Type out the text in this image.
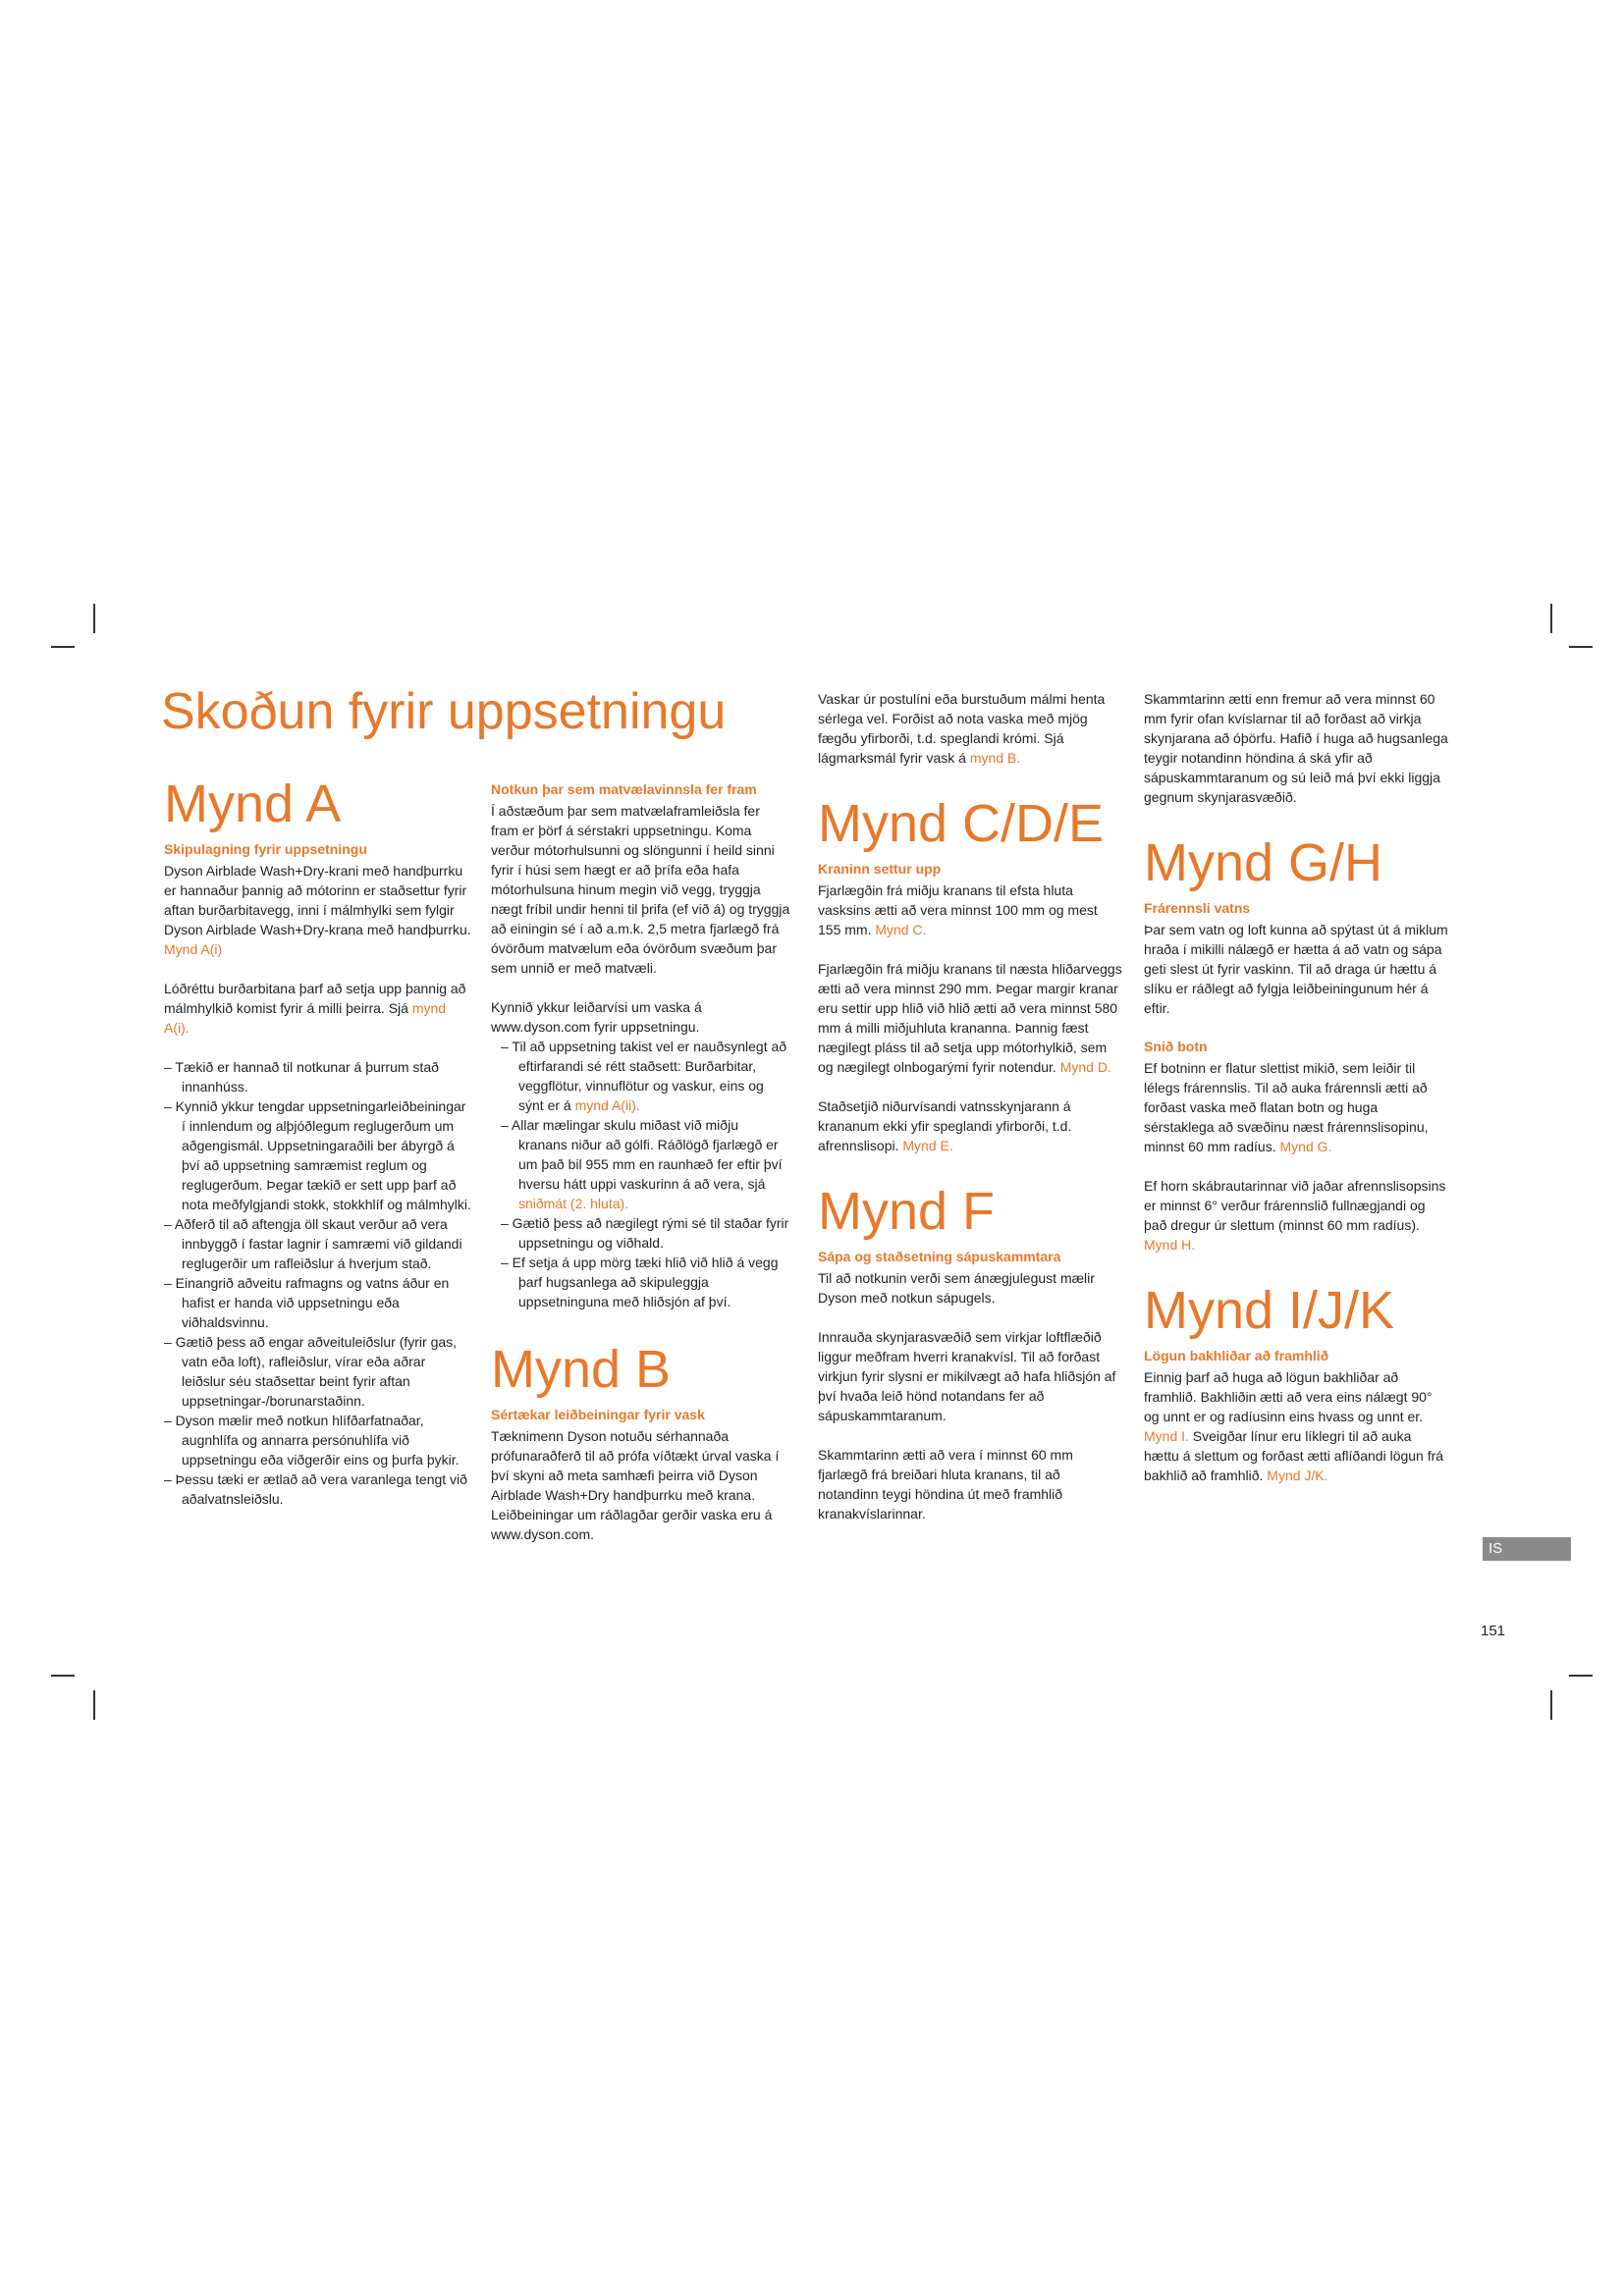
Skoðun fyrir uppsetningu
Mynd A
Skipulagning fyrir uppsetningu

Dyson Airblade Wash+Dry-krani með handþurrku er hannaður þannig að mótorinn er staðsettur fyrir aftan burðarbitavegg, inni í málmhylki sem fylgir Dyson Airblade Wash+Dry-krana með handþurrku. Mynd A(i)

Lóðréttu burðarbitana þarf að setja upp þannig að málmhylkið komist fyrir á milli þeirra. Sjá mynd A(i).

– Tækið er hannað til notkunar á þurrum stað innanhúss.
– Kynnið ykkur tengdar uppsetningarleiðbeiningar í innlendum og alþjóðlegum reglugerðum um aðgengismál. Uppsetningaraðili ber ábyrgð á því að uppsetning samræmist reglum og reglugerðum. Þegar tækið er sett upp þarf að nota meðfylgjandi stokk, stokkhlíf og málmhylki.
– Aðferð til að aftengja öll skaut verður að vera innbyggð í fastar lagnir í samræmi við gildandi reglugerðir um rafleiðslur á hverjum stað.
– Einangrið aðveitu rafmagns og vatns áður en hafist er handa við uppsetningu eða viðhaldsvinnu.
– Gætið þess að engar aðveituleiðslur (fyrir gas, vatn eða loft), rafleiðslur, vírar eða aðrar leiðslur séu staðsettar beint fyrir aftan uppsetningar-/borunarstaðinn.
– Dyson mælir með notkun hlífðarfatnaðar, augnhlífa og annarra persónuhlífa við uppsetningu eða viðgerðir eins og þurfa þykir.
– Þessu tæki er ætlað að vera varanlega tengt við aðalvatnsleiðslu.
Notkun þar sem matvælavinnsla fer fram

Í aðstæðum þar sem matvælaframleiðsla fer fram er þörf á sérstakri uppsetningu. Koma verður mótorhulsunni og slöngunni í heild sinni fyrir í húsi sem hægt er að þrífa eða hafa mótorhulsuna hinum megin við vegg, tryggja nægt fríbil undir henni til þrifa (ef við á) og tryggja að einingin sé í að a.m.k. 2,5 metra fjarlægð frá óvörðum matvælum eða óvörðum svæðum þar sem unnið er með matvæli.

Kynnið ykkur leiðarvísi um vaska á www.dyson.com fyrir uppsetningu.

– Til að uppsetning takist vel er nauðsynlegt að eftirfarandi sé rétt staðsett: Burðarbitar, veggflötur, vinnuflötur og vaskur, eins og sýnt er á mynd A(ii).
– Allar mælingar skulu miðast við miðju kranans niður að gólfi. Ráðlögð fjarlægð er um það bil 955 mm en raunhæð fer eftir því hversu hátt uppi vaskurinn á að vera, sjá sniðmát (2. hluta).
– Gætið þess að nægilegt rými sé til staðar fyrir uppsetningu og viðhald.
– Ef setja á upp mörg tæki hlið við hlið á vegg þarf hugsanlega að skipuleggja uppsetninguna með hliðsjón af því.
Mynd B
Sértækar leiðbeiningar fyrir vask

Tæknimenn Dyson notuðu sérhannaða prófunaraðferð til að prófa víðtækt úrval vaska í því skyni að meta samhæfi þeirra við Dyson Airblade Wash+Dry handþurrku með krana. Leiðbeiningar um ráðlagðar gerðir vaska eru á www.dyson.com.

Vaskar úr postulíni eða burstuðum málmi henta sérlega vel. Forðist að nota vaska með mjög fægðu yfirborði, t.d. speglandi krómi. Sjá lágmarksmál fyrir vask á mynd B.

Mynd C/D/E
Kraninn settur upp

Fjarlægðin frá miðju kranans til efsta hluta vasksins ætti að vera minnst 100 mm og mest 155 mm. Mynd C.

Fjarlægðin frá miðju kranans til næsta hliðarveggs ætti að vera minnst 290 mm. Þegar margir kranar eru settir upp hlið við hlið ætti að vera minnst 580 mm á milli miðjuhluta krananna. Þannig fæst nægilegt pláss til að setja upp mótorhylkið, sem og nægilegt olnbogarými fyrir notendur. Mynd D.

Staðsetjið niðurvísandi vatnsskynjarann á krananum ekki yfir speglandi yfirborði, t.d. afrennslisopi. Mynd E.

Mynd F
Sápa og staðsetning sápuskammtara

Til að notkunin verði sem ánægjulegust mælir Dyson með notkun sápugels.

Innrauða skynjarasvæðið sem virkjar loftflæðið liggur meðfram hverri kranakvísl. Til að forðast virkjun fyrir slysni er mikilvægt að hafa hliðsjón af því hvaða leið hönd notandans fer að sápuskammtaranum.

Skammtarinn ætti að vera í minnst 60 mm fjarlægð frá breiðari hluta kranans, til að notandinn teygi höndina út með framhlið kranakvíslarinnar.

Skammtarinn ætti enn fremur að vera minnst 60 mm fyrir ofan kvíslarnar til að forðast að virkja skynjarana að óþörfu. Hafið í huga að hugsanlega teygir notandinn höndina á ská yfir að sápuskammtaranum og sú leið má því ekki liggja gegnum skynjarasvæðið.

Mynd G/H
Frárennsli vatns

Þar sem vatn og loft kunna að spýtast út á miklum hraða í mikilli nálægð er hætta á að vatn og sápa geti slest út fyrir vaskinn. Til að draga úr hættu á slíku er ráðlegt að fylgja leiðbeiningunum hér á eftir.

Snið botn

Ef botninn er flatur slettist mikið, sem leiðir til lélegs frárennslis. Til að auka frárennsli ætti að forðast vaska með flatan botn og huga sérstaklega að svæðinu næst frárennslisopinu, minnst 60 mm radíus. Mynd G.

Ef horn skábrautarinnar við jaðar afrennslisopsins er minnst 6° verður frárennslið fullnægjandi og það dregur úr slettum (minnst 60 mm radíus). Mynd H.

Mynd I/J/K
Lögun bakhliðar að framhlið

Einnig þarf að huga að lögun bakhliðar að framhlið. Bakhliðin ætti að vera eins nálægt 90° og unnt er og radíusinn eins hvass og unnt er. Mynd I. Sveigðar línur eru líklegri til að auka hættu á slettum og forðast ætti aflíðandi lögun frá bakhlið að framhlið. Mynd J/K.

IS
151
